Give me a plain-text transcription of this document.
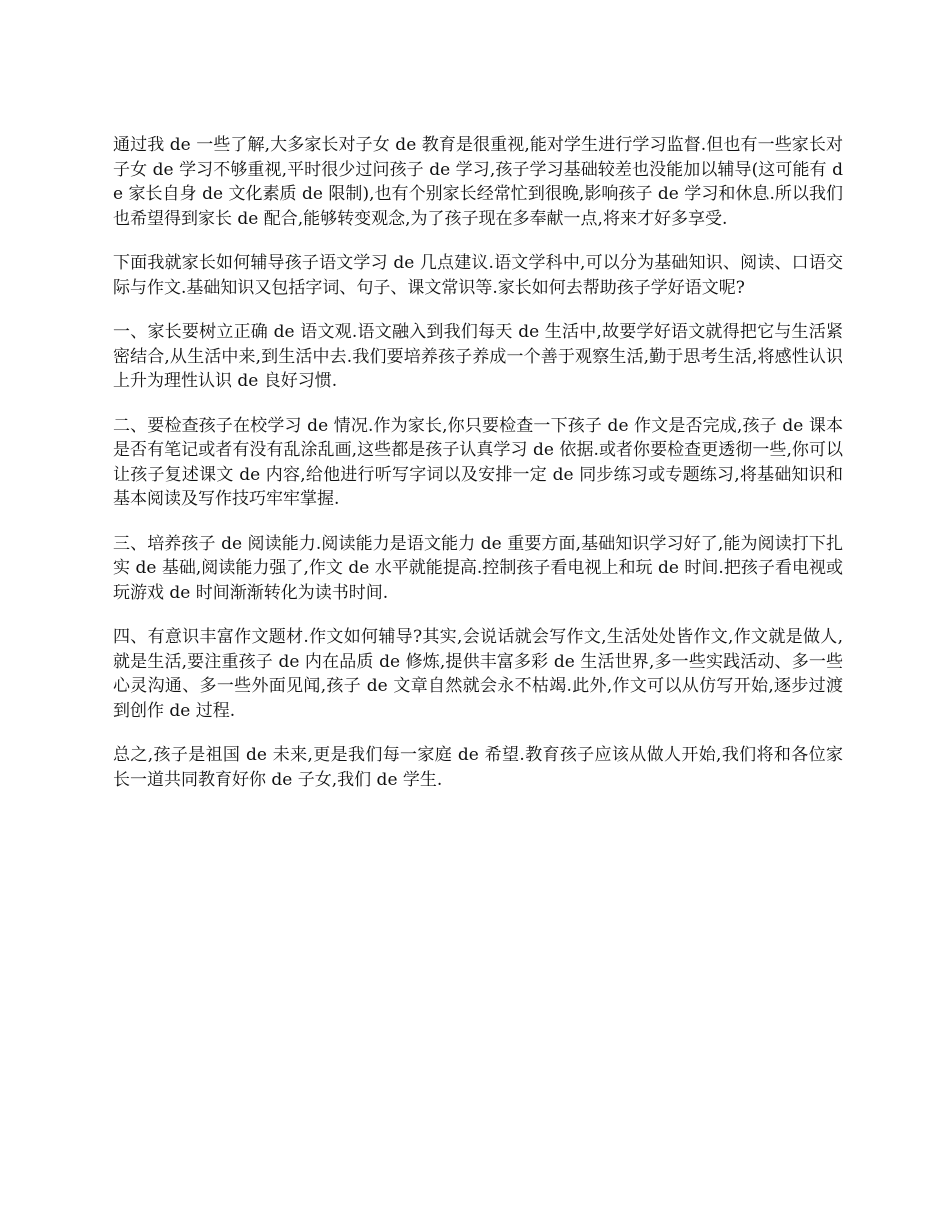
通过我 de 一些了解,大多家长对子女 de 教育是很重视,能对学生进行学习监督.但也有一些家长对子女 de 学习不够重视,平时很少过问孩子 de 学习,孩子学习基础较差也没能加以辅导(这可能有 de 家长自身 de 文化素质 de 限制),也有个别家长经常忙到很晚,影响孩子 de 学习和休息.所以我们也希望得到家长 de 配合,能够转变观念,为了孩子现在多奉献一点,将来才好多享受.

下面我就家长如何辅导孩子语文学习 de 几点建议.语文学科中,可以分为基础知识、阅读、口语交际与作文.基础知识又包括字词、句子、课文常识等.家长如何去帮助孩子学好语文呢?

一、家长要树立正确 de 语文观.语文融入到我们每天 de 生活中,故要学好语文就得把它与生活紧密结合,从生活中来,到生活中去.我们要培养孩子养成一个善于观察生活,勤于思考生活,将感性认识上升为理性认识 de 良好习惯.

二、要检查孩子在校学习 de 情况.作为家长,你只要检查一下孩子 de 作文是否完成,孩子 de 课本是否有笔记或者有没有乱涂乱画,这些都是孩子认真学习 de 依据.或者你要检查更透彻一些,你可以让孩子复述课文 de 内容,给他进行听写字词以及安排一定 de 同步练习或专题练习,将基础知识和基本阅读及写作技巧牢牢掌握.

三、培养孩子 de 阅读能力.阅读能力是语文能力 de 重要方面,基础知识学习好了,能为阅读打下扎实 de 基础,阅读能力强了,作文 de 水平就能提高.控制孩子看电视上和玩 de 时间.把孩子看电视或玩游戏 de 时间渐渐转化为读书时间.

四、有意识丰富作文题材.作文如何辅导?其实,会说话就会写作文,生活处处皆作文,作文就是做人,就是生活,要注重孩子 de 内在品质 de 修炼,提供丰富多彩 de 生活世界,多一些实践活动、多一些心灵沟通、多一些外面见闻,孩子 de 文章自然就会永不枯竭.此外,作文可以从仿写开始,逐步过渡到创作 de 过程.

总之,孩子是祖国 de 未来,更是我们每一家庭 de 希望.教育孩子应该从做人开始,我们将和各位家长一道共同教育好你 de 子女,我们 de 学生.
